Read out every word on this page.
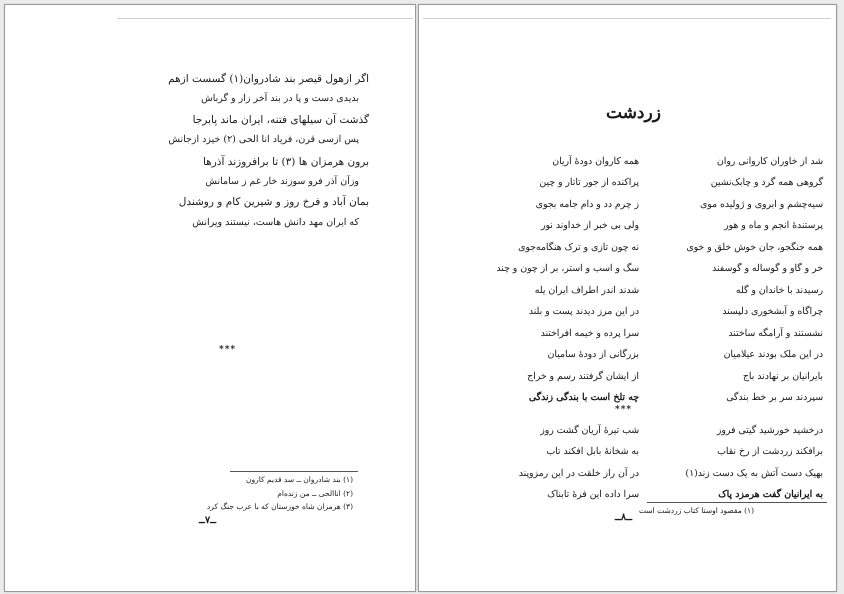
اگر ازهول قیصر بند شادروان(۱) گسست ازهم
بدیدی دست و پا در بند آخر زار و گرباش
گذشت آن سیلهای فتنه، ایران ماند پابرجا
پس ازسی قرن، فریاد انا الحی (۲) خیزد ازجانش
برون هرمزان ها (۳) تا برافروزند آذرها
وزآن آذر فرو سوزند خار غم ز سامانش
بمان آباد و فرخ روز و شیرین کام و روشندل
که ایران مهد دانش هاست، نیستند ویرانش
***
(۱) بند شادروان ــ سد قدیم کارون
(۲) اناالحی ــ من زنده‌ام
(۳) هرمزان شاه خوزستان که با عرب جنگ کرد
ــ۷ــ
زردشت
شد از خاوران کاروانی روان
همه کاروان دودهٔ آریان
گروهی همه گرد و چابک‌نشین
پراکنده از جور تاتار و چین
سیه‌چشم و ابروی و ژولیده موی
ز چرم دد و دام جامه بجوی
پرستندهٔ انجم و ماه و هور
ولی بی خبر از خداوند نور
همه جنگجو، جان خوش خلق و خوی
نه چون تازی و ترک هنگامه‌جوی
خر و گاو و گوساله و گوسفند
سگ و اسب و استر، بر از چون و چند
رسیدند با خاندان و گله
شدند اندر اطراف ایران یله
چراگاه و آبشخوری دلپسند
در این مرز دیدند پست و بلند
نشستند و آرامگه ساختند
سرا پرده و خیمه افراختند
در این ملک بودند عیلامیان
بزرگانی از دودهٔ سامیان
بایرانیان بر نهادند باج
از ایشان گرفتند رسم و خراج
سپردند سر بر خط بندگی
چه تلخ است با بندگی زندگی
***
درخشید خورشید گیتی فروز
شب تیرهٔ آریان گشت روز
برافکند زردشت از رخ نقاب
به شخانهٔ بابل افکند تاب
بهیک دست آتش به یک دست زند(۱)
در آن راز خلقت در این رمزوپند
به ایرانیان گفت هرمزد پاک
سرا داده این فرهٔ تابناک
(۱) مقصود اوستا کتاب زردشت است
ــ۸ــ
